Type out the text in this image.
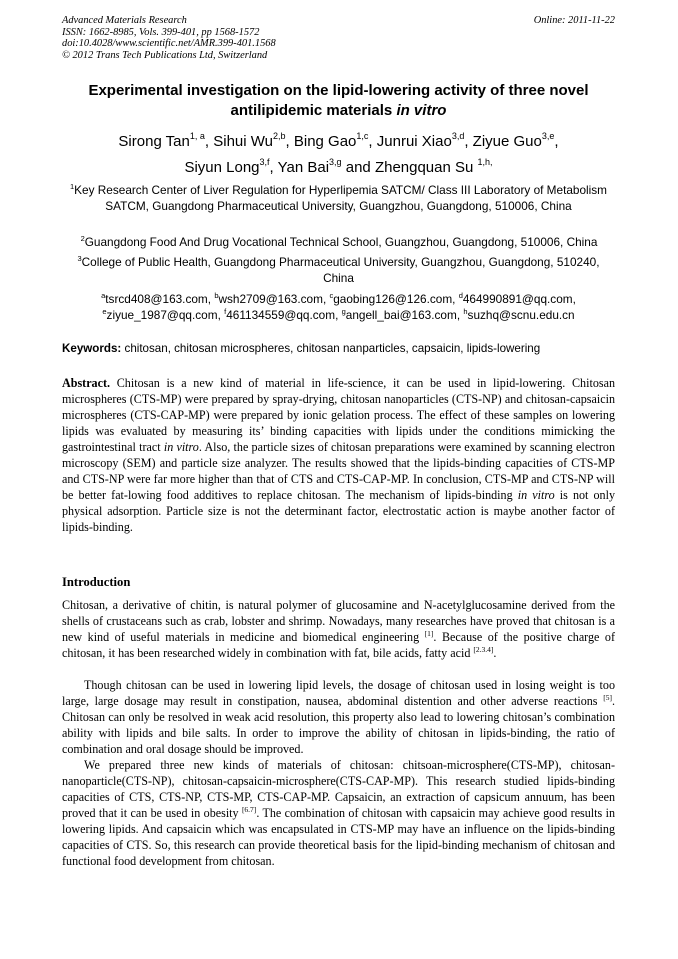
Advanced Materials Research
ISSN: 1662-8985, Vols. 399-401, pp 1568-1572
doi:10.4028/www.scientific.net/AMR.399-401.1568
© 2012 Trans Tech Publications Ltd, Switzerland
Online: 2011-11-22
Experimental investigation on the lipid-lowering activity of three novel
antilipidemic materials in vitro
Sirong Tan$^{1, a}$, Sihui Wu$^{2,b}$, Bing Gao$^{1,c}$, Junrui Xiao$^{3,d}$, Ziyue Guo$^{3,e}$,
Siyun Long$^{3,f}$, Yan Bai$^{3,g}$ and Zhengquan Su $^{1,h,}$
$^1$Key Research Center of Liver Regulation for Hyperlipemia SATCM/ Class III Laboratory of Metabolism SATCM, Guangdong Pharmaceutical University, Guangzhou, Guangdong, 510006, China
$^2$Guangdong Food And Drug Vocational Technical School, Guangzhou, Guangdong, 510006, China
$^3$College of Public Health, Guangdong Pharmaceutical University, Guangzhou, Guangdong, 510240, China
$^a$tsrcd408@163.com, $^b$wsh2709@163.com, $^c$gaobing126@126.com, $^d$464990891@qq.com,
$^e$ziyue_1987@qq.com, $^f$461134559@qq.com, $^g$angell_bai@163.com, $^h$suzhq@scnu.edu.cn
Keywords: chitosan, chitosan microspheres, chitosan nanparticles, capsaicin, lipids-lowering
Abstract. Chitosan is a new kind of material in life-science, it can be used in lipid-lowering. Chitosan microspheres (CTS-MP) were prepared by spray-drying, chitosan nanoparticles (CTS-NP) and chitosan-capsaicin microspheres (CTS-CAP-MP) were prepared by ionic gelation process. The effect of these samples on lowering lipids was evaluated by measuring its’ binding capacities with lipids under the conditions mimicking the gastrointestinal tract in vitro. Also, the particle sizes of chitosan preparations were examined by scanning electron microscopy (SEM) and particle size analyzer. The results showed that the lipids-binding capacities of CTS-MP and CTS-NP were far more higher than that of CTS and CTS-CAP-MP. In conclusion, CTS-MP and CTS-NP will be better fat-lowing food additives to replace chitosan. The mechanism of lipids-binding in vitro is not only physical adsorption. Particle size is not the determinant factor, electrostatic action is maybe another factor of lipids-binding.
Introduction
Chitosan, a derivative of chitin, is natural polymer of glucosamine and N-acetylglucosamine derived from the shells of crustaceans such as crab, lobster and shrimp. Nowadays, many researches have proved that chitosan is a new kind of useful materials in medicine and biomedical engineering [1]. Because of the positive charge of chitosan, it has been researched widely in combination with fat, bile acids, fatty acid [2.3.4].
Though chitosan can be used in lowering lipid levels, the dosage of chitosan used in losing weight is too large, large dosage may result in constipation, nausea, abdominal distention and other adverse reactions [5]. Chitosan can only be resolved in weak acid resolution, this property also lead to lowering chitosan’s combination ability with lipids and bile salts. In order to improve the ability of chitosan in lipids-binding, the ratio of combination and oral dosage should be improved.
We prepared three new kinds of materials of chitosan: chitsoan-microsphere(CTS-MP), chitosan-nanoparticle(CTS-NP), chitosan-capsaicin-microsphere(CTS-CAP-MP). This research studied lipids-binding capacities of CTS, CTS-NP, CTS-MP, CTS-CAP-MP. Capsaicin, an extraction of capsicum annuum, has been proved that it can be used in obesity [6.7]. The combination of chitosan with capsaicin may achieve good results in lowering lipids. And capsaicin which was encapsulated in CTS-MP may have an influence on the lipids-binding capacities of CTS. So, this research can provide theoretical basis for the lipid-binding mechanism of chitosan and functional food development from chitosan.
